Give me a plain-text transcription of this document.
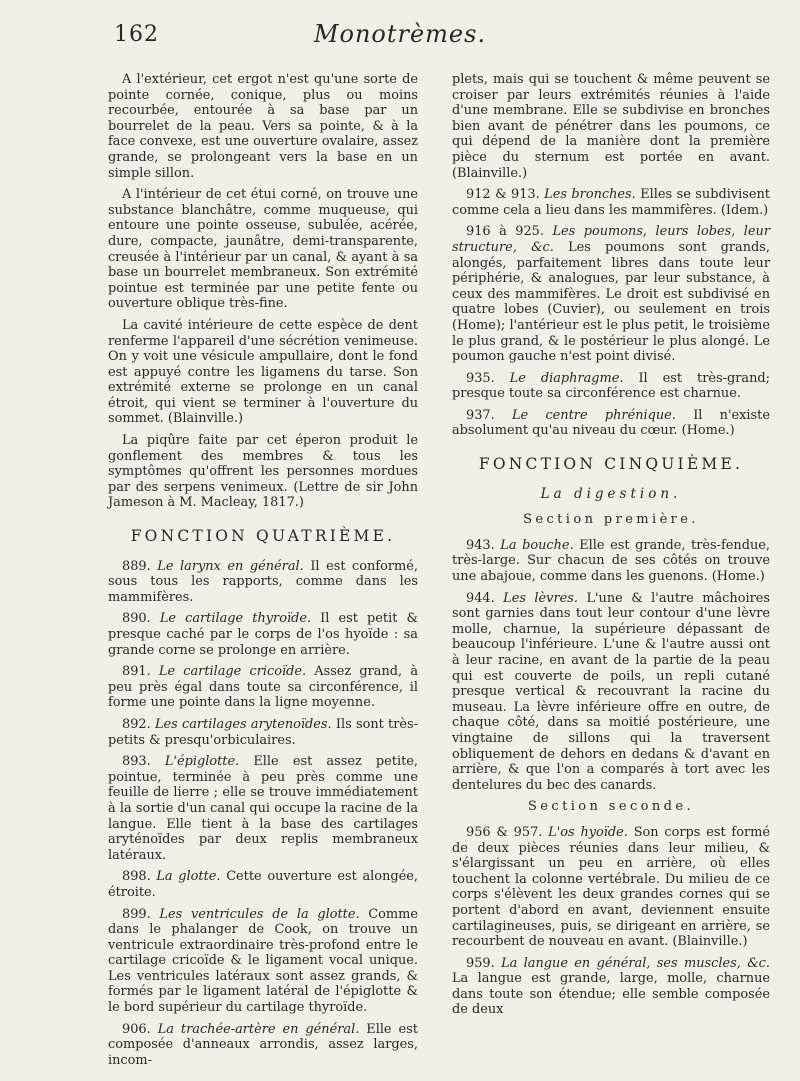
162	Monotrèmes.

A l'extérieur, cet ergot n'est qu'une sorte de pointe cornée, conique, plus ou moins recourbée, entourée à sa base par un bourrelet de la peau. Vers sa pointe, & à la face convexe, est une ouverture ovalaire, assez grande, se prolongeant vers la base en un simple sillon.

A l'intérieur de cet étui corné, on trouve une substance blanchâtre, comme muqueuse, qui entoure une pointe osseuse, subulée, acérée, dure, compacte, jaunâtre, demi-transparente, creusée à l'intérieur par un canal, & ayant à sa base un bourrelet membraneux. Son extrémité pointue est terminée par une petite fente ou ouverture oblique très-fine.

La cavité intérieure de cette espèce de dent renferme l'appareil d'une sécrétion venimeuse. On y voit une vésicule ampullaire, dont le fond est appuyé contre les ligamens du tarse. Son extrémité externe se prolonge en un canal étroit, qui vient se terminer à l'ouverture du sommet. (Blainville.)

La piqûre faite par cet éperon produit le gonflement des membres & tous les symptômes qu'offrent les personnes mordues par des serpens venimeux. (Lettre de sir John Jameson à M. Macleay, 1817.)

FONCTION QUATRIÈME.

889. Le larynx en général. Il est conformé, sous tous les rapports, comme dans les mammifères.

890. Le cartilage thyroïde. Il est petit & presque caché par le corps de l'os hyoïde : sa grande corne se prolonge en arrière.

891. Le cartilage cricoïde. Assez grand, à peu près égal dans toute sa circonférence, il forme une pointe dans la ligne moyenne.

892. Les cartilages arytenoïdes. Ils sont très-petits & presqu'orbiculaires.

893. L'épiglotte. Elle est assez petite, pointue, terminée à peu près comme une feuille de lierre ; elle se trouve immédiatement à la sortie d'un canal qui occupe la racine de la langue. Elle tient à la base des cartilages aryténoïdes par deux replis membraneux latéraux.

898. La glotte. Cette ouverture est alongée, étroite.

899. Les ventricules de la glotte. Comme dans le phalanger de Cook, on trouve un ventricule extraordinaire très-profond entre le cartilage cricoïde & le ligament vocal unique. Les ventricules latéraux sont assez grands, & formés par le ligament latéral de l'épiglotte & le bord supérieur du cartilage thyroïde.

906. La trachée-artère en général. Elle est composée d'anneaux arrondis, assez larges, incom-

plets, mais qui se touchent & même peuvent se croiser par leurs extrémités réunies à l'aide d'une membrane. Elle se subdivise en bronches bien avant de pénétrer dans les poumons, ce qui dépend de la manière dont la première pièce du sternum est portée en avant. (Blainville.)

912 & 913. Les bronches. Elles se subdivisent comme cela a lieu dans les mammifères. (Idem.)

916 à 925. Les poumons, leurs lobes, leur structure, &c. Les poumons sont grands, alongés, parfaitement libres dans toute leur périphérie, & analogues, par leur substance, à ceux des mammifères. Le droit est subdivisé en quatre lobes (Cuvier), ou seulement en trois (Home); l'antérieur est le plus petit, le troisième le plus grand, & le postérieur le plus alongé. Le poumon gauche n'est point divisé.

935. Le diaphragme. Il est très-grand; presque toute sa circonférence est charnue.

937. Le centre phrénique. Il n'existe absolument qu'au niveau du cœur. (Home.)

FONCTION CINQUIÈME.

La digestion.

Section première.

943. La bouche. Elle est grande, très-fendue, très-large. Sur chacun de ses côtés on trouve une abajoue, comme dans les guenons. (Home.)

944. Les lèvres. L'une & l'autre mâchoires sont garnies dans tout leur contour d'une lèvre molle, charnue, la supérieure dépassant de beaucoup l'inférieure. L'une & l'autre aussi ont à leur racine, en avant de la partie de la peau qui est couverte de poils, un repli cutané presque vertical & recouvrant la racine du museau. La lèvre inférieure offre en outre, de chaque côté, dans sa moitié postérieure, une vingtaine de sillons qui la traversent obliquement de dehors en dedans & d'avant en arrière, & que l'on a comparés à tort avec les dentelures du bec des canards.

Section seconde.

956 & 957. L'os hyoïde. Son corps est formé de deux pièces réunies dans leur milieu, & s'élargissant un peu en arrière, où elles touchent la colonne vertébrale. Du milieu de ce corps s'élèvent les deux grandes cornes qui se portent d'abord en avant, deviennent ensuite cartilagineuses, puis, se dirigeant en arrière, se recourbent de nouveau en avant. (Blainville.)

959. La langue en général, ses muscles, &c. La langue est grande, large, molle, charnue dans toute son étendue; elle semble composée de deux
